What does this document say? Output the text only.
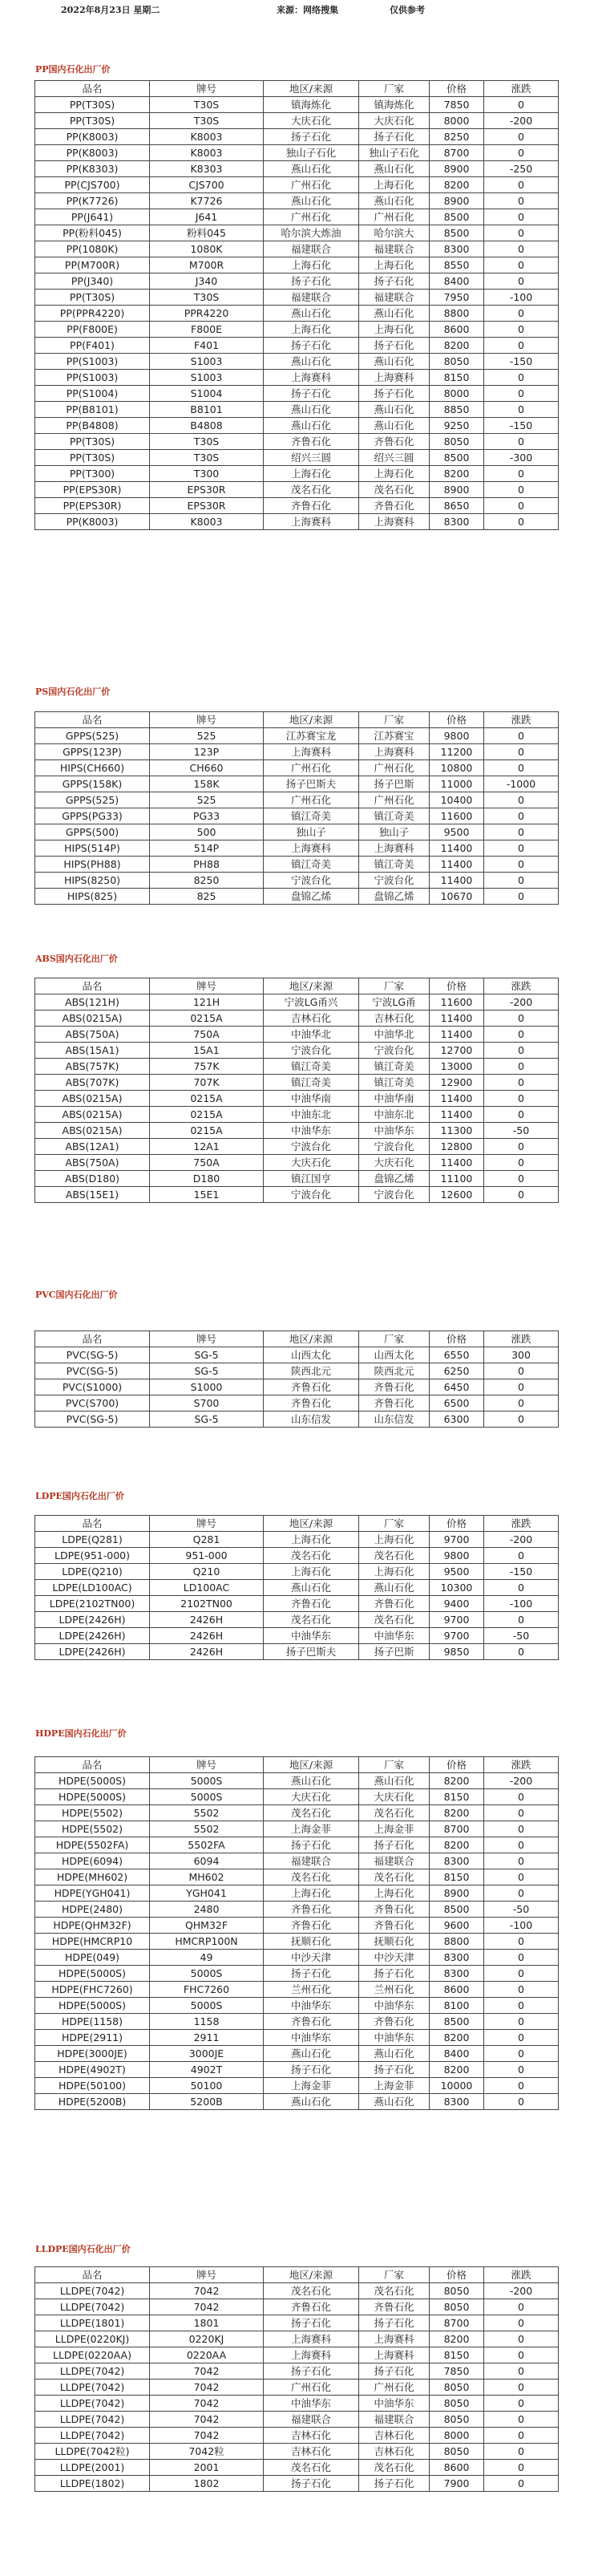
2022年8月23日 星期二	来源：网络搜集	仅供参考
PP国内石化出厂价
品名	牌号	地区/来源	厂家	价格	涨跌
PP(T30S)	T30S	镇海炼化	镇海炼化	7850	0
PP(T30S)	T30S	大庆石化	大庆石化	8000	-200
PP(K8003)	K8003	扬子石化	扬子石化	8250	0
PP(K8003)	K8003	独山子石化	独山子石化	8700	0
PP(K8303)	K8303	燕山石化	燕山石化	8900	-250
PP(CJS700)	CJS700	广州石化	上海石化	8200	0
PP(K7726)	K7726	燕山石化	燕山石化	8900	0
PP(J641)	J641	广州石化	广州石化	8500	0
PP(粉料045)	粉料045	哈尔滨大炼油	哈尔滨大	8500	0
PP(1080K)	1080K	福建联合	福建联合	8300	0
PP(M700R)	M700R	上海石化	上海石化	8550	0
PP(J340)	J340	扬子石化	扬子石化	8400	0
PP(T30S)	T30S	福建联合	福建联合	7950	-100
PP(PPR4220)	PPR4220	燕山石化	燕山石化	8800	0
PP(F800E)	F800E	上海石化	上海石化	8600	0
PP(F401)	F401	扬子石化	扬子石化	8200	0
PP(S1003)	S1003	燕山石化	燕山石化	8050	-150
PP(S1003)	S1003	上海赛科	上海赛科	8150	0
PP(S1004)	S1004	扬子石化	扬子石化	8000	0
PP(B8101)	B8101	燕山石化	燕山石化	8850	0
PP(B4808)	B4808	燕山石化	燕山石化	9250	-150
PP(T30S)	T30S	齐鲁石化	齐鲁石化	8050	0
PP(T30S)	T30S	绍兴三圆	绍兴三圆	8500	-300
PP(T300)	T300	上海石化	上海石化	8200	0
PP(EPS30R)	EPS30R	茂名石化	茂名石化	8900	0
PP(EPS30R)	EPS30R	齐鲁石化	齐鲁石化	8650	0
PP(K8003)	K8003	上海赛科	上海赛科	8300	0
PS国内石化出厂价
品名	牌号	地区/来源	厂家	价格	涨跌
GPPS(525)	525	江苏赛宝龙	江苏赛宝	9800	0
GPPS(123P)	123P	上海赛科	上海赛科	11200	0
HIPS(CH660)	CH660	广州石化	广州石化	10800	0
GPPS(158K)	158K	扬子巴斯夫	扬子巴斯	11000	-1000
GPPS(525)	525	广州石化	广州石化	10400	0
GPPS(PG33)	PG33	镇江奇美	镇江奇美	11600	0
GPPS(500)	500	独山子	独山子	9500	0
HIPS(514P)	514P	上海赛科	上海赛科	11400	0
HIPS(PH88)	PH88	镇江奇美	镇江奇美	11400	0
HIPS(8250)	8250	宁波台化	宁波台化	11400	0
HIPS(825)	825	盘锦乙烯	盘锦乙烯	10670	0
ABS国内石化出厂价
品名	牌号	地区/来源	厂家	价格	涨跌
ABS(121H)	121H	宁波LG甬兴	宁波LG甬	11600	-200
ABS(0215A)	0215A	吉林石化	吉林石化	11400	0
ABS(750A)	750A	中油华北	中油华北	11400	0
ABS(15A1)	15A1	宁波台化	宁波台化	12700	0
ABS(757K)	757K	镇江奇美	镇江奇美	13000	0
ABS(707K)	707K	镇江奇美	镇江奇美	12900	0
ABS(0215A)	0215A	中油华南	中油华南	11400	0
ABS(0215A)	0215A	中油东北	中油东北	11400	0
ABS(0215A)	0215A	中油华东	中油华东	11300	-50
ABS(12A1)	12A1	宁波台化	宁波台化	12800	0
ABS(750A)	750A	大庆石化	大庆石化	11400	0
ABS(D180)	D180	镇江国亨	盘锦乙烯	11100	0
ABS(15E1)	15E1	宁波台化	宁波台化	12600	0
PVC国内石化出厂价
品名	牌号	地区/来源	厂家	价格	涨跌
PVC(SG-5)	SG-5	山西太化	山西太化	6550	300
PVC(SG-5)	SG-5	陕西北元	陕西北元	6250	0
PVC(S1000)	S1000	齐鲁石化	齐鲁石化	6450	0
PVC(S700)	S700	齐鲁石化	齐鲁石化	6500	0
PVC(SG-5)	SG-5	山东信发	山东信发	6300	0
LDPE国内石化出厂价
品名	牌号	地区/来源	厂家	价格	涨跌
LDPE(Q281)	Q281	上海石化	上海石化	9700	-200
LDPE(951-000)	951-000	茂名石化	茂名石化	9800	0
LDPE(Q210)	Q210	上海石化	上海石化	9500	-150
LDPE(LD100AC)	LD100AC	燕山石化	燕山石化	10300	0
LDPE(2102TN00)	2102TN00	齐鲁石化	齐鲁石化	9400	-100
LDPE(2426H)	2426H	茂名石化	茂名石化	9700	0
LDPE(2426H)	2426H	中油华东	中油华东	9700	-50
LDPE(2426H)	2426H	扬子巴斯夫	扬子巴斯	9850	0
HDPE国内石化出厂价
品名	牌号	地区/来源	厂家	价格	涨跌
HDPE(5000S)	5000S	燕山石化	燕山石化	8200	-200
HDPE(5000S)	5000S	大庆石化	大庆石化	8150	0
HDPE(5502)	5502	茂名石化	茂名石化	8200	0
HDPE(5502)	5502	上海金菲	上海金菲	8700	0
HDPE(5502FA)	5502FA	扬子石化	扬子石化	8200	0
HDPE(6094)	6094	福建联合	福建联合	8300	0
HDPE(MH602)	MH602	茂名石化	茂名石化	8150	0
HDPE(YGH041)	YGH041	上海石化	上海石化	8900	0
HDPE(2480)	2480	齐鲁石化	齐鲁石化	8500	-50
HDPE(QHM32F)	QHM32F	齐鲁石化	齐鲁石化	9600	-100
HDPE(HMCRP10	HMCRP100N	抚顺石化	抚顺石化	8800	0
HDPE(049)	49	中沙天津	中沙天津	8300	0
HDPE(5000S)	5000S	扬子石化	扬子石化	8300	0
HDPE(FHC7260)	FHC7260	兰州石化	兰州石化	8600	0
HDPE(5000S)	5000S	中油华东	中油华东	8100	0
HDPE(1158)	1158	齐鲁石化	齐鲁石化	8500	0
HDPE(2911)	2911	中油华东	中油华东	8200	0
HDPE(3000JE)	3000JE	燕山石化	燕山石化	8400	0
HDPE(4902T)	4902T	扬子石化	扬子石化	8200	0
HDPE(50100)	50100	上海金菲	上海金菲	10000	0
HDPE(5200B)	5200B	燕山石化	燕山石化	8300	0
LLDPE国内石化出厂价
品名	牌号	地区/来源	厂家	价格	涨跌
LLDPE(7042)	7042	茂名石化	茂名石化	8050	-200
LLDPE(7042)	7042	齐鲁石化	齐鲁石化	8050	0
LLDPE(1801)	1801	扬子石化	扬子石化	8700	0
LLDPE(0220KJ)	0220KJ	上海赛科	上海赛科	8200	0
LLDPE(0220AA)	0220AA	上海赛科	上海赛科	8150	0
LLDPE(7042)	7042	扬子石化	扬子石化	7850	0
LLDPE(7042)	7042	广州石化	广州石化	8050	0
LLDPE(7042)	7042	中油华东	中油华东	8050	0
LLDPE(7042)	7042	福建联合	福建联合	8050	0
LLDPE(7042)	7042	吉林石化	吉林石化	8000	0
LLDPE(7042粒)	7042粒	吉林石化	吉林石化	8050	0
LLDPE(2001)	2001	茂名石化	茂名石化	8600	0
LLDPE(1802)	1802	扬子石化	扬子石化	7900	0
